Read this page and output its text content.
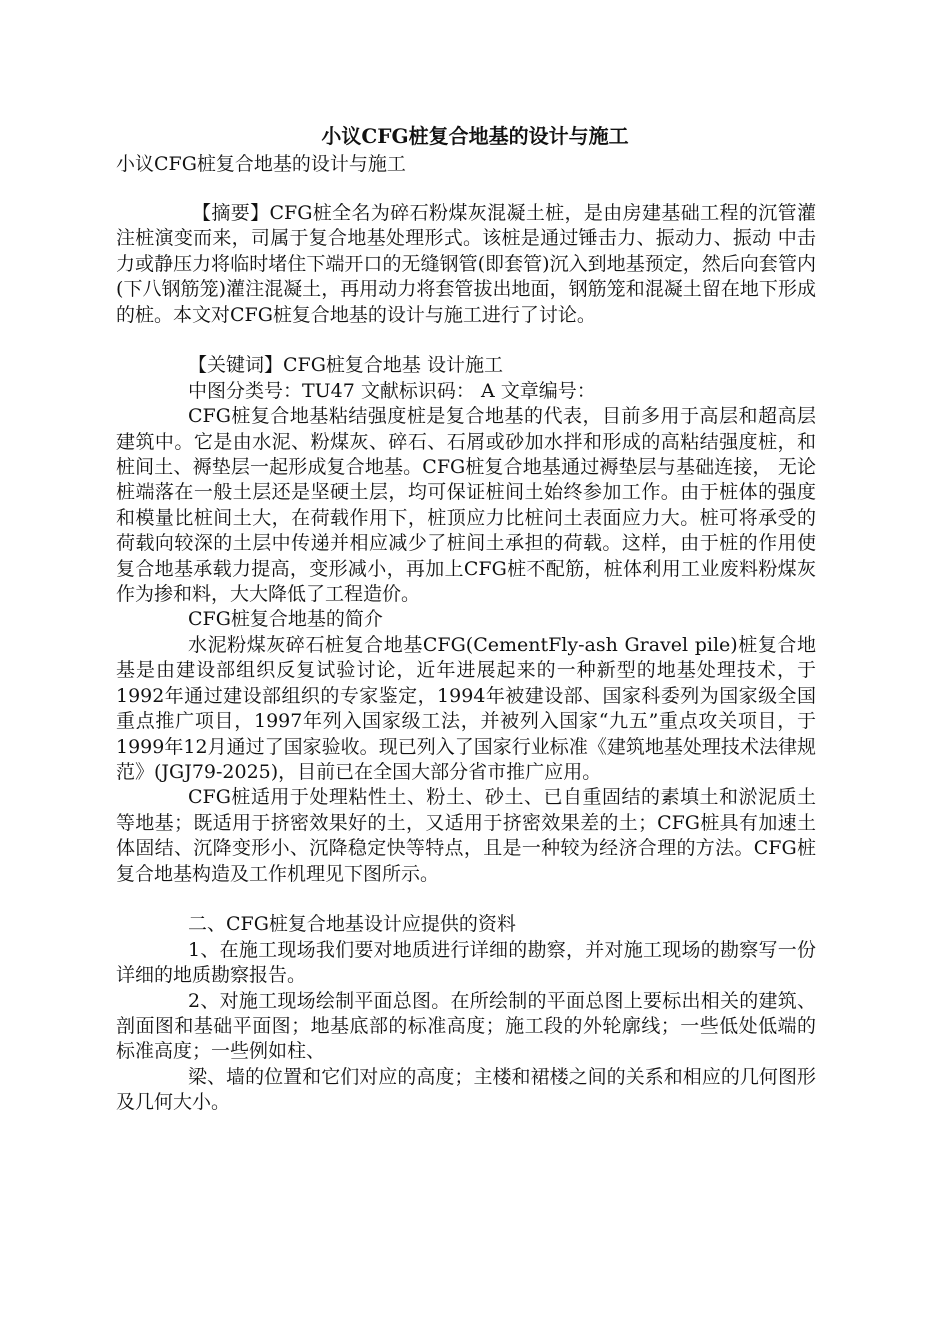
小议CFG桩复合地基的设计与施工
小议CFG桩复合地基的设计与施工

【摘要】CFG桩全名为碎石粉煤灰混凝土桩，是由房建基础工程的沉管灌注桩演变而来，司属于复合地基处理形式。该桩是通过锤击力、振动力、振动 中击力或静压力将临时堵住下端开口的无缝钢管(即套管)沉入到地基预定，然后向套管内(下八钢筋笼)灌注混凝土，再用动力将套管拔出地面，钢筋笼和混凝土留在地下形成的桩。本文对CFG桩复合地基的设计与施工进行了讨论。

【关键词】CFG桩复合地基 设计施工

中图分类号：TU47 文献标识码： A 文章编号：

CFG桩复合地基粘结强度桩是复合地基的代表，目前多用于高层和超高层建筑中。它是由水泥、粉煤灰、碎石、石屑或砂加水拌和形成的高粘结强度桩，和桩间土、褥垫层一起形成复合地基。CFG桩复合地基通过褥垫层与基础连接， 无论桩端落在一般土层还是坚硬土层，均可保证桩间土始终参加工作。由于桩体的强度和模量比桩间土大，在荷载作用下，桩顶应力比桩问土表面应力大。桩可将承受的荷载向较深的土层中传递并相应减少了桩间土承担的荷载。这样，由于桩的作用使复合地基承载力提高，变形减小，再加上CFG桩不配筋，桩体利用工业废料粉煤灰作为掺和料，大大降低了工程造价。

CFG桩复合地基的简介

水泥粉煤灰碎石桩复合地基CFG(CementFly-ash Gravel pile)桩复合地基是由建设部组织反复试验讨论，近年进展起来的一种新型的地基处理技术，于1992年通过建设部组织的专家鉴定，1994年被建设部、国家科委列为国家级全国重点推广项目，1997年列入国家级工法，并被列入国家“九五”重点攻关项目，于1999年12月通过了国家验收。现已列入了国家行业标准《建筑地基处理技术法律规范》(JGJ79-2025)，目前已在全国大部分省市推广应用。

CFG桩适用于处理粘性土、粉土、砂土、已自重固结的素填土和淤泥质土等地基；既适用于挤密效果好的土，又适用于挤密效果差的土；CFG桩具有加速土体固结、沉降变形小、沉降稳定快等特点，且是一种较为经济合理的方法。CFG桩复合地基构造及工作机理见下图所示。

二、CFG桩复合地基设计应提供的资料

1、在施工现场我们要对地质进行详细的勘察，并对施工现场的勘察写一份详细的地质勘察报告。

2、对施工现场绘制平面总图。在所绘制的平面总图上要标出相关的建筑、剖面图和基础平面图；地基底部的标准高度；施工段的外轮廓线；一些低处低端的标准高度；一些例如柱、

梁、墙的位置和它们对应的高度；主楼和裙楼之间的关系和相应的几何图形及几何大小。
